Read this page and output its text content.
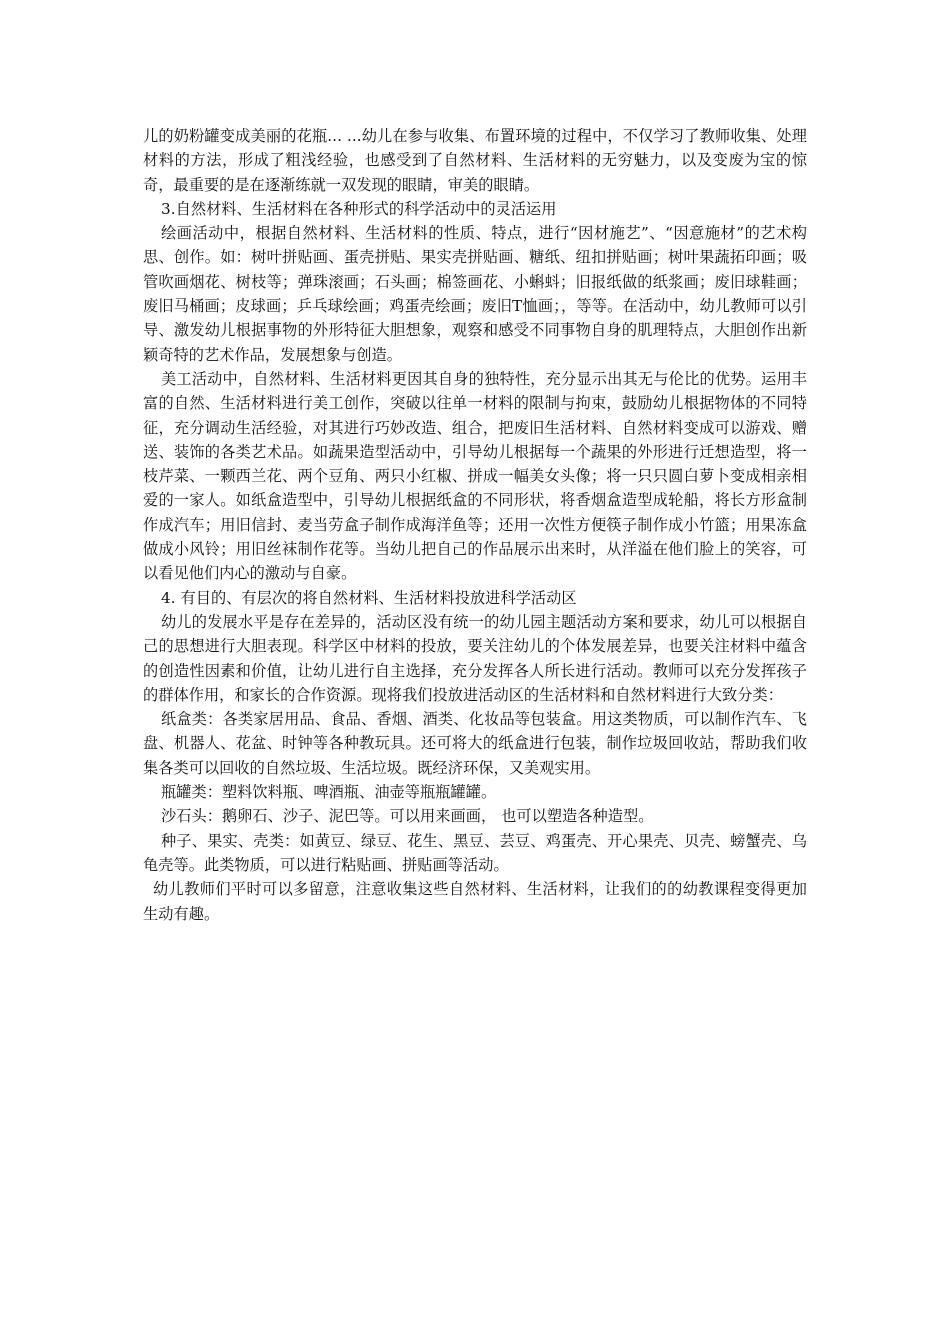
儿的奶粉罐变成美丽的花瓶... ...幼儿在参与收集、布置环境的过程中，不仅学习了教师收集、处理材料的方法，形成了粗浅经验，也感受到了自然材料、生活材料的无穷魅力，以及变废为宝的惊奇，最重要的是在逐渐练就一双发现的眼睛，审美的眼睛。

3.自然材料、生活材料在各种形式的科学活动中的灵活运用

绘画活动中，根据自然材料、生活材料的性质、特点，进行“因材施艺”、“因意施材”的艺术构思、创作。如：树叶拼贴画、蛋壳拼贴、果实壳拼贴画、糖纸、纽扣拼贴画；树叶果蔬拓印画；吸管吹画烟花、树枝等；弹珠滚画；石头画；棉签画花、小蝌蚪；旧报纸做的纸浆画；废旧球鞋画；废旧马桶画；皮球画；乒乓球绘画；鸡蛋壳绘画；废旧T恤画；，等等。在活动中，幼儿教师可以引导、激发幼儿根据事物的外形特征大胆想象，观察和感受不同事物自身的肌理特点，大胆创作出新颖奇特的艺术作品，发展想象与创造。

美工活动中，自然材料、生活材料更因其自身的独特性，充分显示出其无与伦比的优势。运用丰富的自然、生活材料进行美工创作，突破以往单一材料的限制与拘束，鼓励幼儿根据物体的不同特征，充分调动生活经验，对其进行巧妙改造、组合，把废旧生活材料、自然材料变成可以游戏、赠送、装饰的各类艺术品。如蔬果造型活动中，引导幼儿根据每一个蔬果的外形进行迁想造型，将一枝芹菜、一颗西兰花、两个豆角、两只小红椒、拼成一幅美女头像；将一只只圆白萝卜变成相亲相爱的一家人。如纸盒造型中，引导幼儿根据纸盒的不同形状，将香烟盒造型成轮船，将长方形盒制作成汽车；用旧信封、麦当劳盒子制作成海洋鱼等；还用一次性方便筷子制作成小竹篮；用果冻盒做成小风铃；用旧丝袜制作花等。当幼儿把自己的作品展示出来时，从洋溢在他们脸上的笑容，可以看见他们内心的激动与自豪。

4. 有目的、有层次的将自然材料、生活材料投放进科学活动区

幼儿的发展水平是存在差异的，活动区没有统一的幼儿园主题活动方案和要求，幼儿可以根据自己的思想进行大胆表现。科学区中材料的投放，要关注幼儿的个体发展差异，也要关注材料中蕴含的创造性因素和价值，让幼儿进行自主选择，充分发挥各人所长进行活动。教师可以充分发挥孩子的群体作用，和家长的合作资源。现将我们投放进活动区的生活材料和自然材料进行大致分类：

纸盒类：各类家居用品、食品、香烟、酒类、化妆品等包装盒。用这类物质，可以制作汽车、飞盘、机器人、花盆、时钟等各种教玩具。还可将大的纸盒进行包装，制作垃圾回收站，帮助我们收集各类可以回收的自然垃圾、生活垃圾。既经济环保，又美观实用。

瓶罐类：塑料饮料瓶、啤酒瓶、油壶等瓶瓶罐罐。

沙石头：鹅卵石、沙子、泥巴等。可以用来画画， 也可以塑造各种造型。

种子、果实、壳类：如黄豆、绿豆、花生、黑豆、芸豆、鸡蛋壳、开心果壳、贝壳、螃蟹壳、乌龟壳等。此类物质，可以进行粘贴画、拼贴画等活动。

幼儿教师们平时可以多留意，注意收集这些自然材料、生活材料，让我们的的幼教课程变得更加生动有趣。
